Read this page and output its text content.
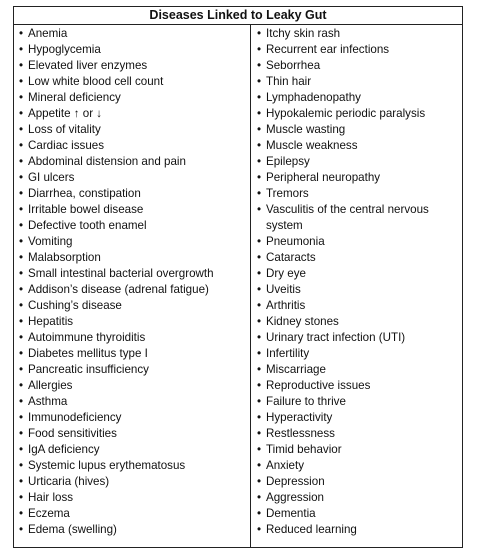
Diseases Linked to Leaky Gut
• Anemia
• Hypoglycemia
• Elevated liver enzymes
• Low white blood cell count
• Mineral deficiency
• Appetite ↑ or ↓
• Loss of vitality
• Cardiac issues
• Abdominal distension and pain
• GI ulcers
• Diarrhea, constipation
• Irritable bowel disease
• Defective tooth enamel
• Vomiting
• Malabsorption
• Small intestinal bacterial overgrowth
• Addison’s disease (adrenal fatigue)
• Cushing’s disease
• Hepatitis
• Autoimmune thyroiditis
• Diabetes mellitus type I
• Pancreatic insufficiency
• Allergies
• Asthma
• Immunodeficiency
• Food sensitivities
• IgA deficiency
• Systemic lupus erythematosus
• Urticaria (hives)
• Hair loss
• Eczema
• Edema (swelling)
• Itchy skin rash
• Recurrent ear infections
• Seborrhea
• Thin hair
• Lymphadenopathy
• Hypokalemic periodic paralysis
• Muscle wasting
• Muscle weakness
• Epilepsy
• Peripheral neuropathy
• Tremors
• Vasculitis of the central nervous system
• Pneumonia
• Cataracts
• Dry eye
• Uveitis
• Arthritis
• Kidney stones
• Urinary tract infection (UTI)
• Infertility
• Miscarriage
• Reproductive issues
• Failure to thrive
• Hyperactivity
• Restlessness
• Timid behavior
• Anxiety
• Depression
• Aggression
• Dementia
• Reduced learning
